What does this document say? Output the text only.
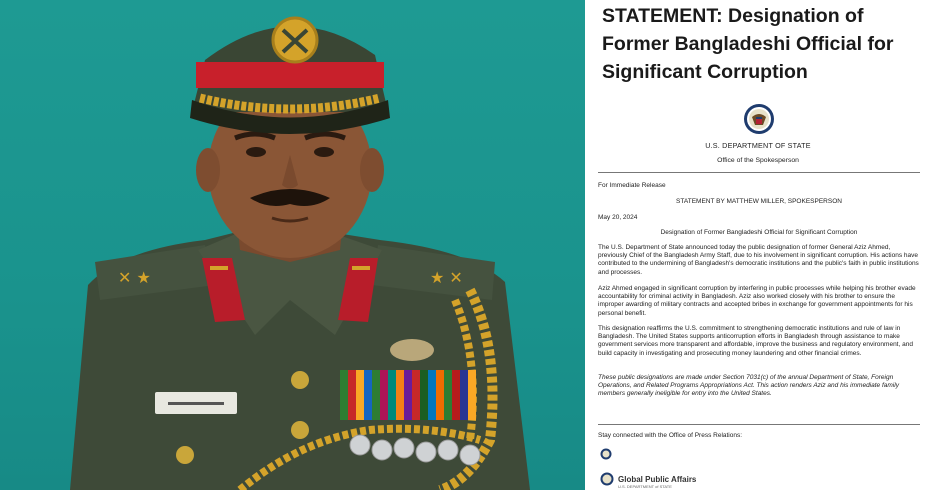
✕ ★	★ ✕
STATEMENT: Designation of
Former Bangladeshi Official for
Significant Corruption
U.S. DEPARTMENT OF STATE
Office of the Spokesperson
For Immediate Release
STATEMENT BY MATTHEW MILLER, SPOKESPERSON
May 20, 2024
Designation of Former Bangladeshi Official for Significant Corruption
The U.S. Department of State announced today the public designation of former General Aziz Ahmed, previously Chief of the Bangladesh Army Staff, due to his involvement in significant corruption. His actions have contributed to the undermining of Bangladesh's democratic institutions and the public's faith in public institutions and processes.
Aziz Ahmed engaged in significant corruption by interfering in public processes while helping his brother evade accountability for criminal activity in Bangladesh. Aziz also worked closely with his brother to ensure the improper awarding of military contracts and accepted bribes in exchange for government appointments for his personal benefit.
This designation reaffirms the U.S. commitment to strengthening democratic institutions and rule of law in Bangladesh. The United States supports anticorruption efforts in Bangladesh through assistance to make government services more transparent and affordable, improve the business and regulatory environment, and build capacity in investigating and prosecuting money laundering and other financial crimes.
These public designations are made under Section 7031(c) of the annual Department of State, Foreign Operations, and Related Programs Appropriations Act. This action renders Aziz and his immediate family members generally ineligible for entry into the United States.
Stay connected with the Office of Press Relations:
Global Public Affairs
U.S. DEPARTMENT of STATE
